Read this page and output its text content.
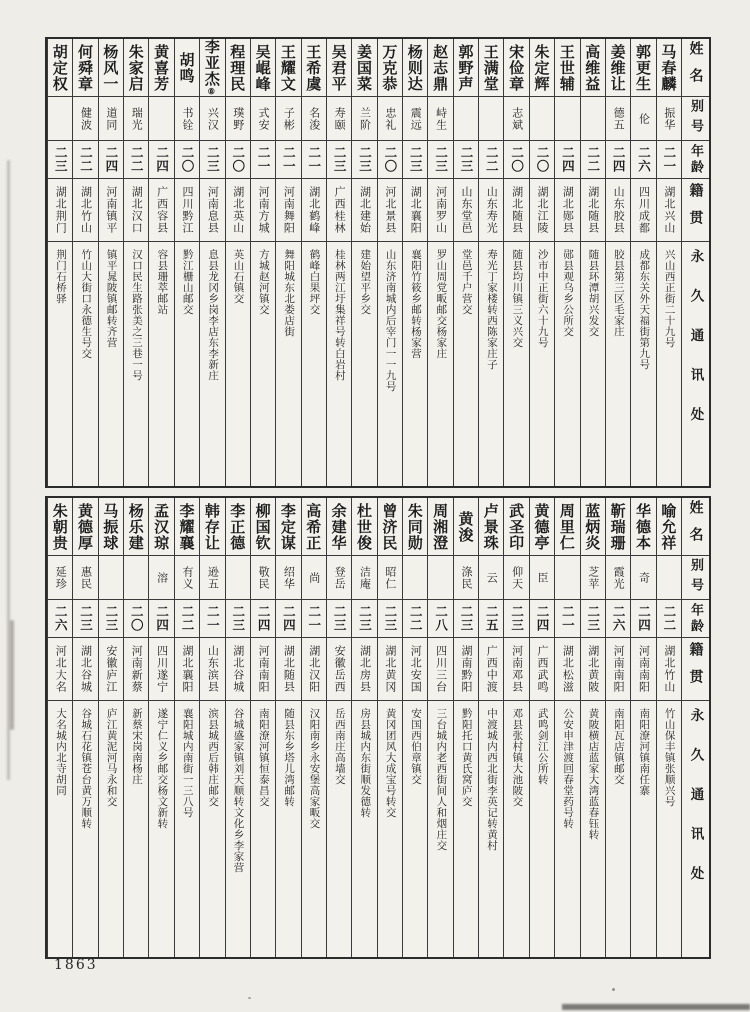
姓名
别号
年龄
籍贯
永久通讯处
马春麟
振华
二一
湖北兴山
兴山西正街二十九号
郭更生
伦
二六
四川成都
成都东关外天福街第九号
姜维让
德五
二四
山东胶县
胶县第三区毛家庄
高维益
二二
湖北随县
随县环潭胡兴发交
王世辅
二四
湖北郧县
郧县观乌乡公所交
朱定辉
二〇
湖北江陵
沙市中正街六十九号
宋俭章
志斌
二〇
湖北随县
随县均川镇三义兴交
王满堂
二二
山东寿光
寿光丁家楼转西陈家庄子
郭野声
二三
山东堂邑
堂邑千户营交
赵志鼎
峙生
二三
河南罗山
罗山周党畈邮交杨家庄
杨则达
震远
二三
湖北襄阳
襄阳竹筱乡邮转杨家营
万克恭
忠礼
二〇
河北景县
山东济南城内后宰门一一九号
姜国菜
兰阶
二三
湖北建始
建始望平乡交
吴君平
寿颐
二三
广西桂林
桂林两江圩集祥号转白岩村
王希虞
名浚
二一
湖北鹤峰
鹤峰白果坪交
王耀文
子彬
二一
河南舞阳
舞阳城东北娄店街
吴崐峰
式安
二一
河南方城
方城赵河镇交
程理民
璞野
二〇
湖北英山
英山石镇交
李亚杰⑧
兴汉
二三
河南息县
息县龙冈乡岗李店东李新庄
胡鸣
书铨
二〇
四川黔江
黔江栅山邮交
黄喜芳
二四
广西容县
容县珊萃邮站
朱家启
瑞光
二二
湖北汉口
汉口民生路张美之三巷一号
杨风一
道同
二四
河南镇平
镇平晁陂镇邮转齐营
何舜章
健波
二二
湖北竹山
竹山大街口永德生号交
胡定权
二三
湖北荆门
荆门石桥驿
姓名
别号
年龄
籍贯
永久通讯处
喻允祥
二二
湖北竹山
竹山保丰镇张顺兴号
华德本
奇
二四
河南南阳
南阳潦河镇南任寨
靳瑞珊
霞光
二六
河南南阳
南阳瓦店镇邮交
蓝炳炎
芝苹
二三
湖北黄陂
黄陂横店蓝家大湾蓝春钰转
周里仁
二一
湖北松滋
公安申津渡回春堂药号转
黄德亭
臣
二四
广西武鸣
武鸣剑江公所转
武圣印
仰天
二三
河南邓县
邓县张村镇大池陂交
卢景珠
云
二五
广西中渡
中渡城内西北街李英记转黄村
黄浚
涤民
二三
湖南黔阳
黔阳托口黄氏窝庐交
周湘澄
二八
四川三台
三台城内老西街间人和烟庄交
朱同勋
二二
河北安国
安国西伯章镇交
曾济民
昭仁
二三
湖北黄冈
黄冈团风大成宝号转交
杜世俊
洁庵
二三
湖北房县
房县城内东街顺发德转
余建华
登岳
二三
安徽岳西
岳西南庄高墙交
高希正
尚
二一
湖北汉阳
汉阳南乡永安堡高家畈交
李定谋
绍华
二四
湖北随县
随县东乡塔儿湾邮转
柳国钦
敬民
二四
河南南阳
南阳潦河镇恒泰昌交
李正德
二三
湖北谷城
谷城盛家镇刘天顺转文化乡李家营
韩存让
逊五
二一
山东滨县
滨县城西后韩庄邮交
李耀襄
有义
二二
湖北襄阳
襄阳城内南街一三八号
孟汉琼
溶
二四
四川遂宁
遂宁仁义乡邮交杨文新转
杨乐建
二〇
河南新蔡
新蔡宋岗南杨庄
马振球
二三
安徽庐江
庐江黄泥河马永和交
黄德厚
惠民
二三
湖北谷城
谷城石花镇苍台黄万顺转
朱朝贵
延珍
二六
河北大名
大名城内北寺胡同
1863
